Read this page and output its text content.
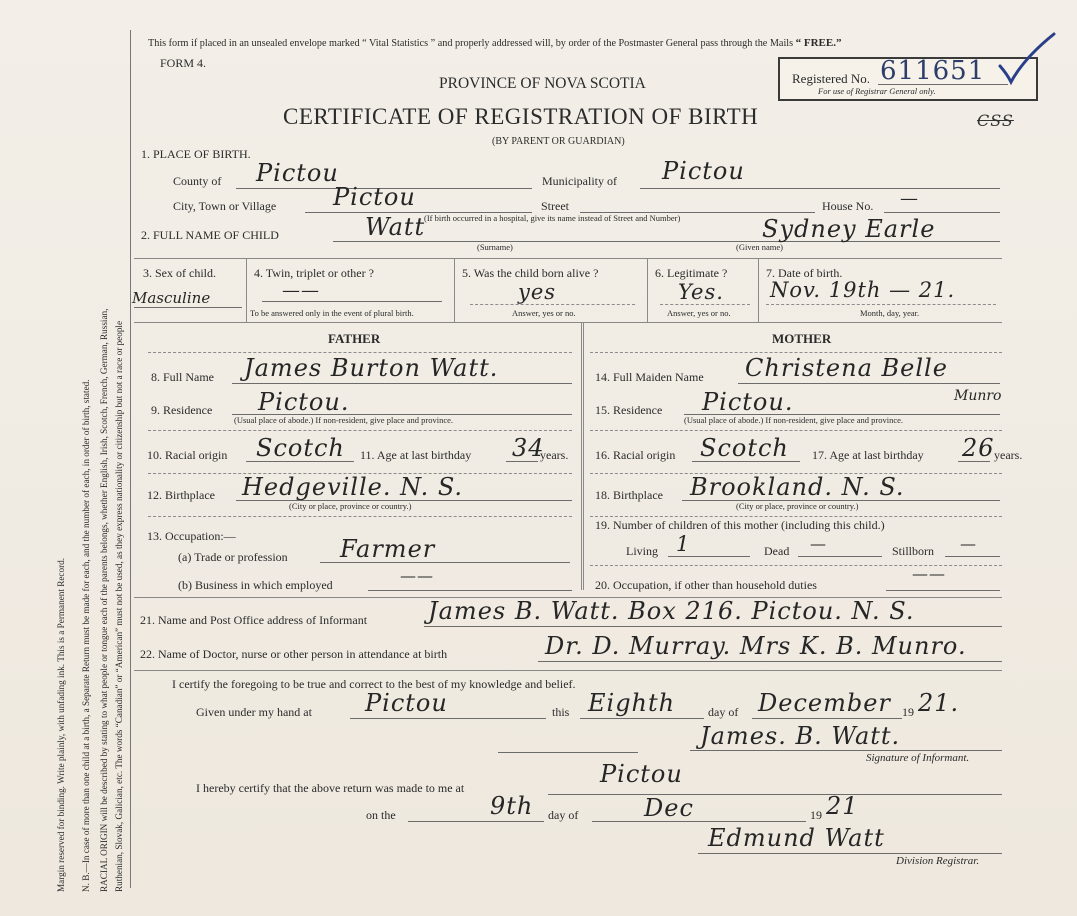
Margin reserved for binding. Write plainly, with unfading ink. This is a Permanent Record. N. B.—In case of more than one child at a birth, a Separate Return must be made for each, and the number of each, in order of birth, stated. RACIAL ORIGIN will be described by stating to what people or tongue each of the parents belongs, whether English, Irish, Scotch, French, German, Russian, Ruthenian, Slovak, Galician, etc. The words “Canadian” or “American” must not be used, as they express nationality or citizenship but not a race or people
This form if placed in an unsealed envelope marked “ Vital Statistics ” and properly addressed will, by order of the Postmaster General pass through the Mails “ FREE.”
FORM 4.
PROVINCE OF NOVA SCOTIA
CERTIFICATE OF REGISTRATION OF BIRTH
(BY PARENT OR GUARDIAN)
Registered No. 611651
For use of Registrar General only.
CSS
1. PLACE OF BIRTH.
County of Pictou	Municipality of Pictou
City, Town or Village Pictou	Street	House No. —
(If birth occurred in a hospital, give its name instead of Street and Number)
2. FULL NAME OF CHILD	Watt
(Surname)
Sydney Earle
(Given name)
3. Sex of child.
Masculine
4. Twin, triplet or other ?
——
To be answered only in the event of plural birth.
5. Was the child born alive ?
yes
Answer, yes or no.
6. Legitimate ?
Yes.
Answer, yes or no.
7. Date of birth.
Nov. 19th — 21.
Month, day, year.
FATHER	MOTHER
8. Full Name James Burton Watt.
9. Residence Pictou.
(Usual place of abode.) If non-resident, give place and province.
10. Racial origin Scotch 11. Age at last birthday 34
years.
12. Birthplace Hedgeville. N. S.
(City or place, province or country.)
13. Occupation:—
(a) Trade or profession Farmer
(b) Business in which employed	——
14. Full Maiden Name Christena Belle
Munro
15. Residence Pictou.
(Usual place of abode.) If non-resident, give place and province.
16. Racial origin Scotch 17. Age at last birthday 26 years.
18. Birthplace Brookland. N. S.
(City or place, province or country.)
19. Number of children of this mother (including this child.)
Living 1	Dead —	Stillborn —
20. Occupation, if other than household duties
——
21. Name and Post Office address of Informant	James B. Watt. Box 216. Pictou. N. S.
22. Name of Doctor, nurse or other person in attendance at birth	Dr. D. Murray. Mrs K. B. Munro.
I certify the foregoing to be true and correct to the best of my knowledge and belief.
Given under my hand at Pictou	this Eighth	day of December 19 21.
James. B. Watt.
Signature of Informant.
I hereby certify that the above return was made to me at	Pictou
on the	9th day of	Dec	19 21
Edmund Watt
Division Registrar.
